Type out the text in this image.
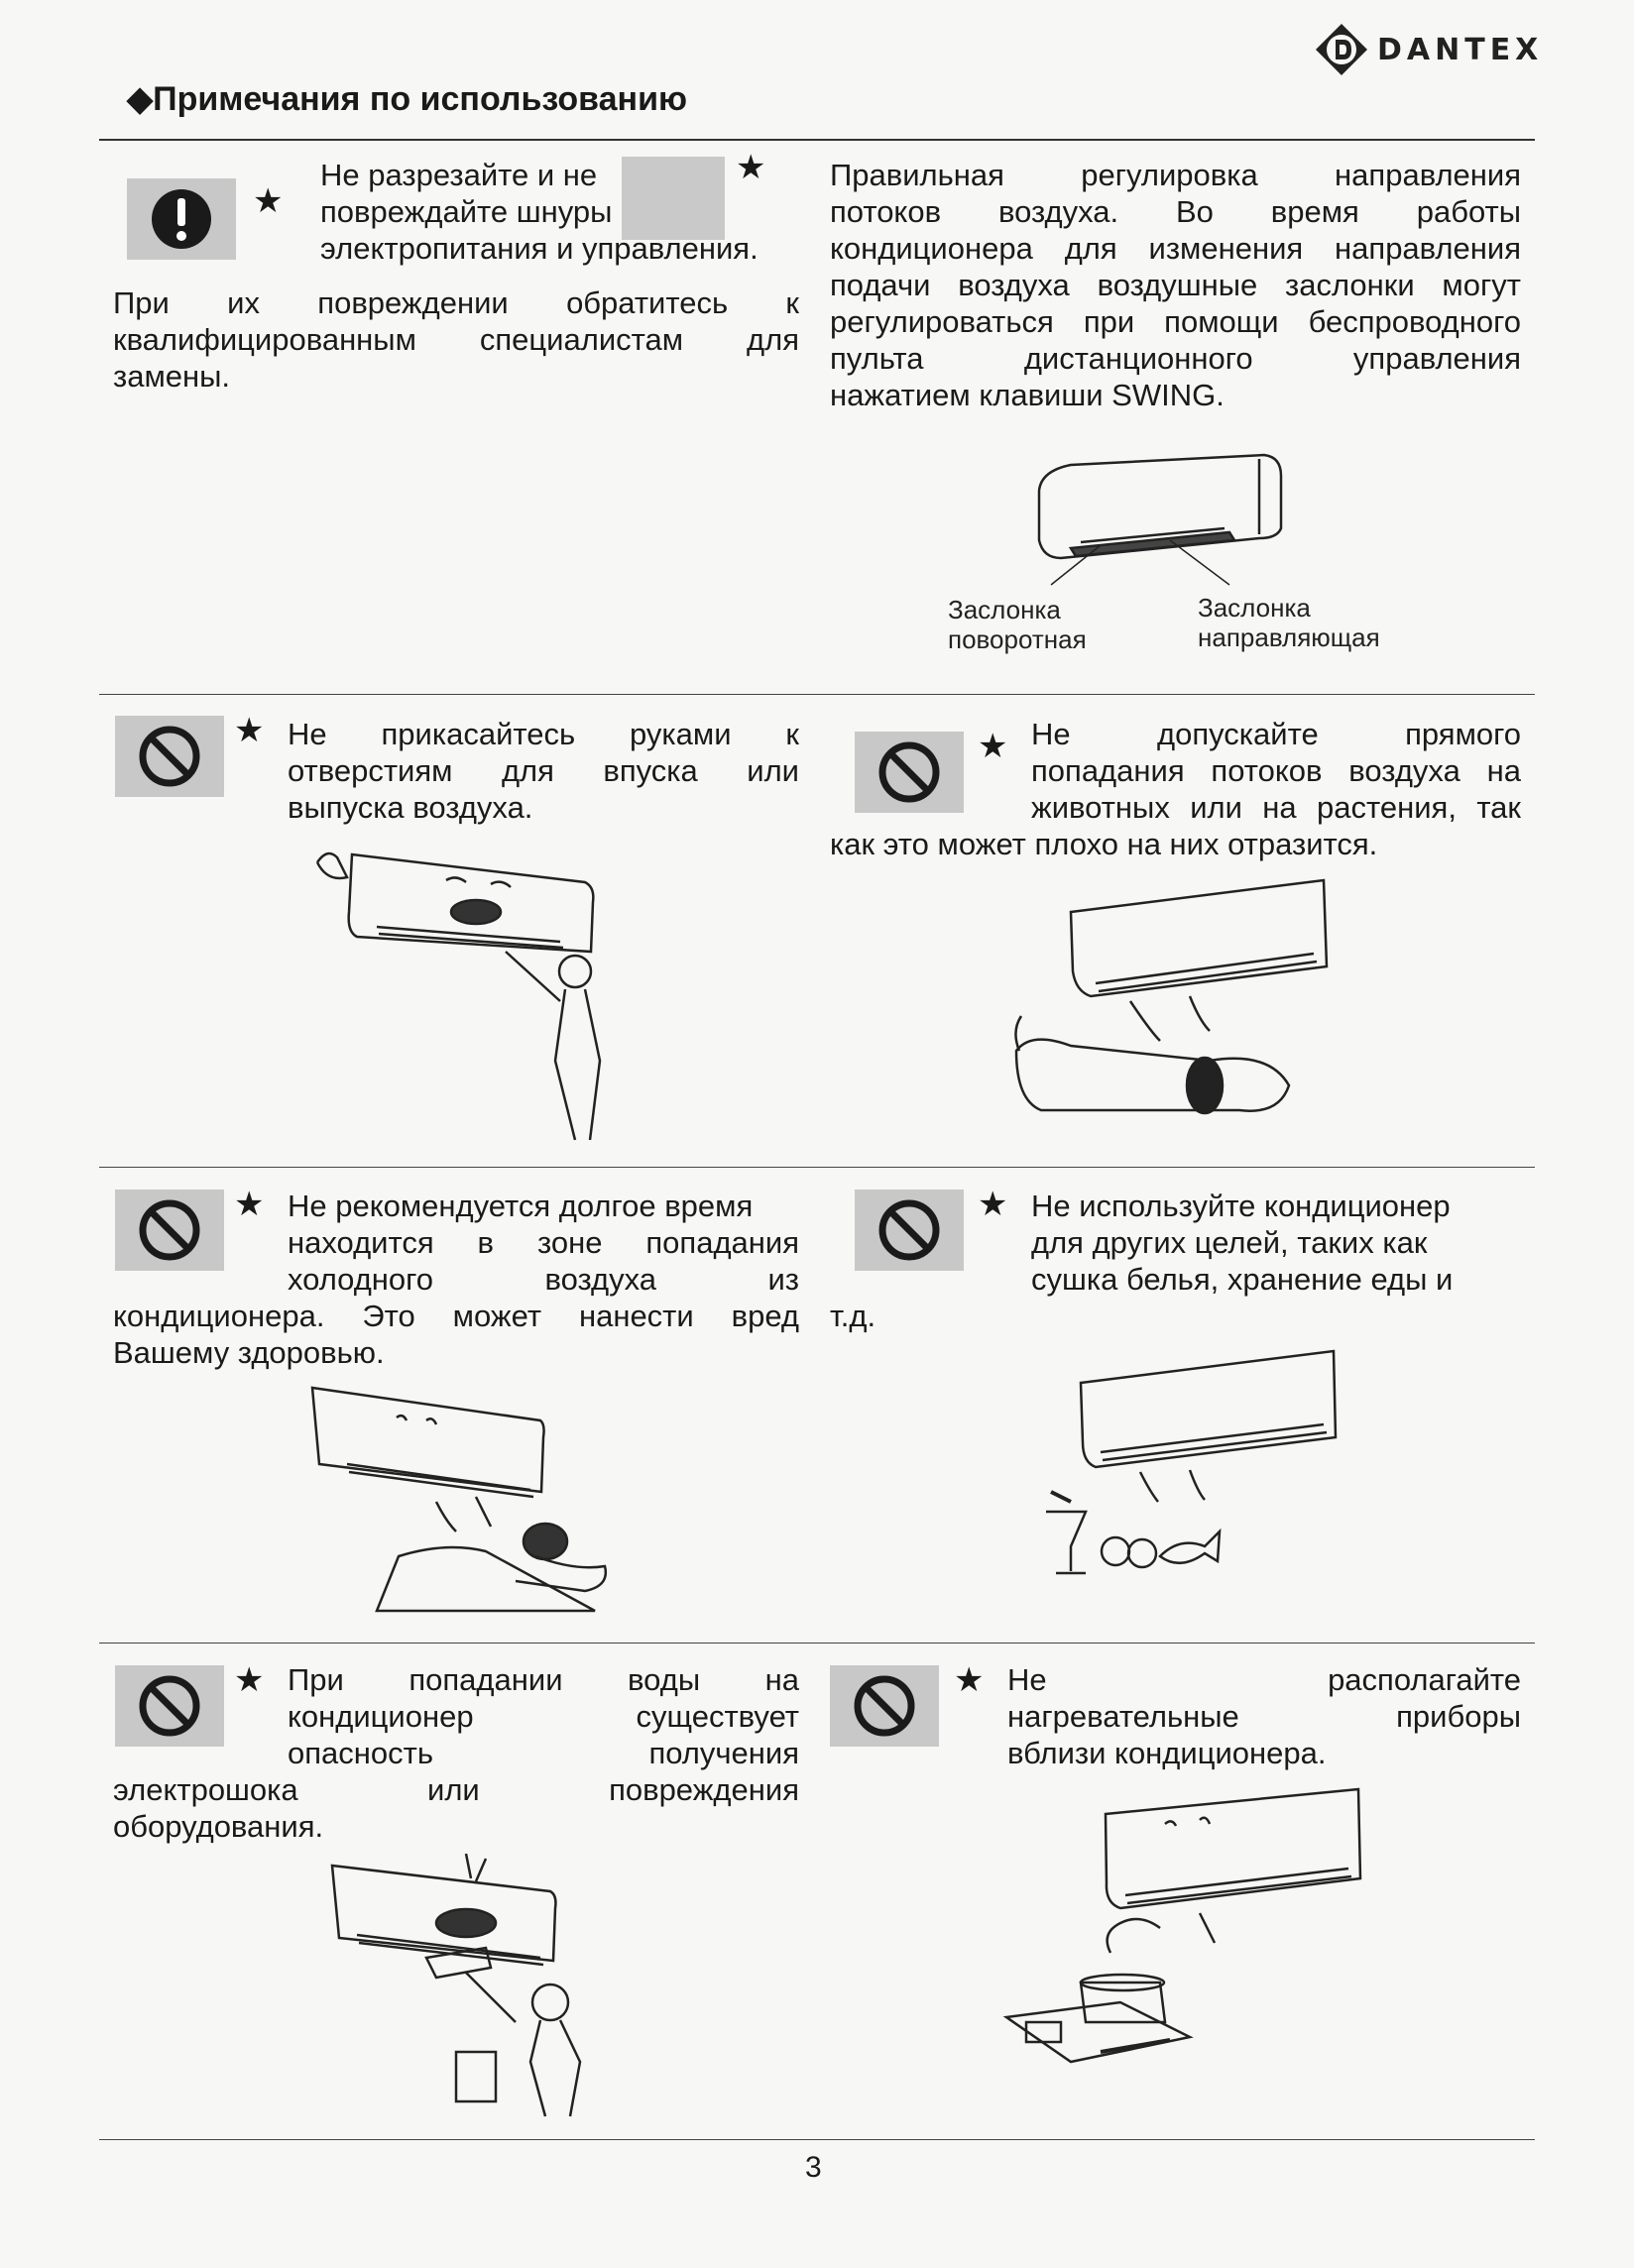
DANTEX
◆Примечания по использованию
★
★
Не разрезайте и не
повреждайте шнуры
электропитания и управления.
При их повреждении обратитесь к
квалифицированным специалистам для
замены.
Правильная регулировка направления
потоков воздуха. Во время работы
кондиционера для изменения направления
подачи воздуха воздушные заслонки могут
регулироваться при помощи беспроводного
пульта дистанционного управления
нажатием клавиши SWING.
Заслонка
поворотная
Заслонка
направляющая
★ Не прикасайтесь руками к
отверстиям для впуска или
выпуска воздуха.
★ Не допускайте прямого
попадания потоков воздуха на
животных или на растения, так
как это может плохо на них отразится.
★ Не рекомендуется долгое время
находится в зоне попадания
холодного воздуха из
кондиционера. Это может нанести вред
Вашему здоровью.
★ Не используйте кондиционер
для других целей, таких как
сушка белья, хранение еды и
т.д.
★ При попадании воды на
кондиционер существует
опасность получения
электрошока или повреждения
оборудования.
★ Не располагайте
нагревательные приборы
вблизи кондиционера.
3
